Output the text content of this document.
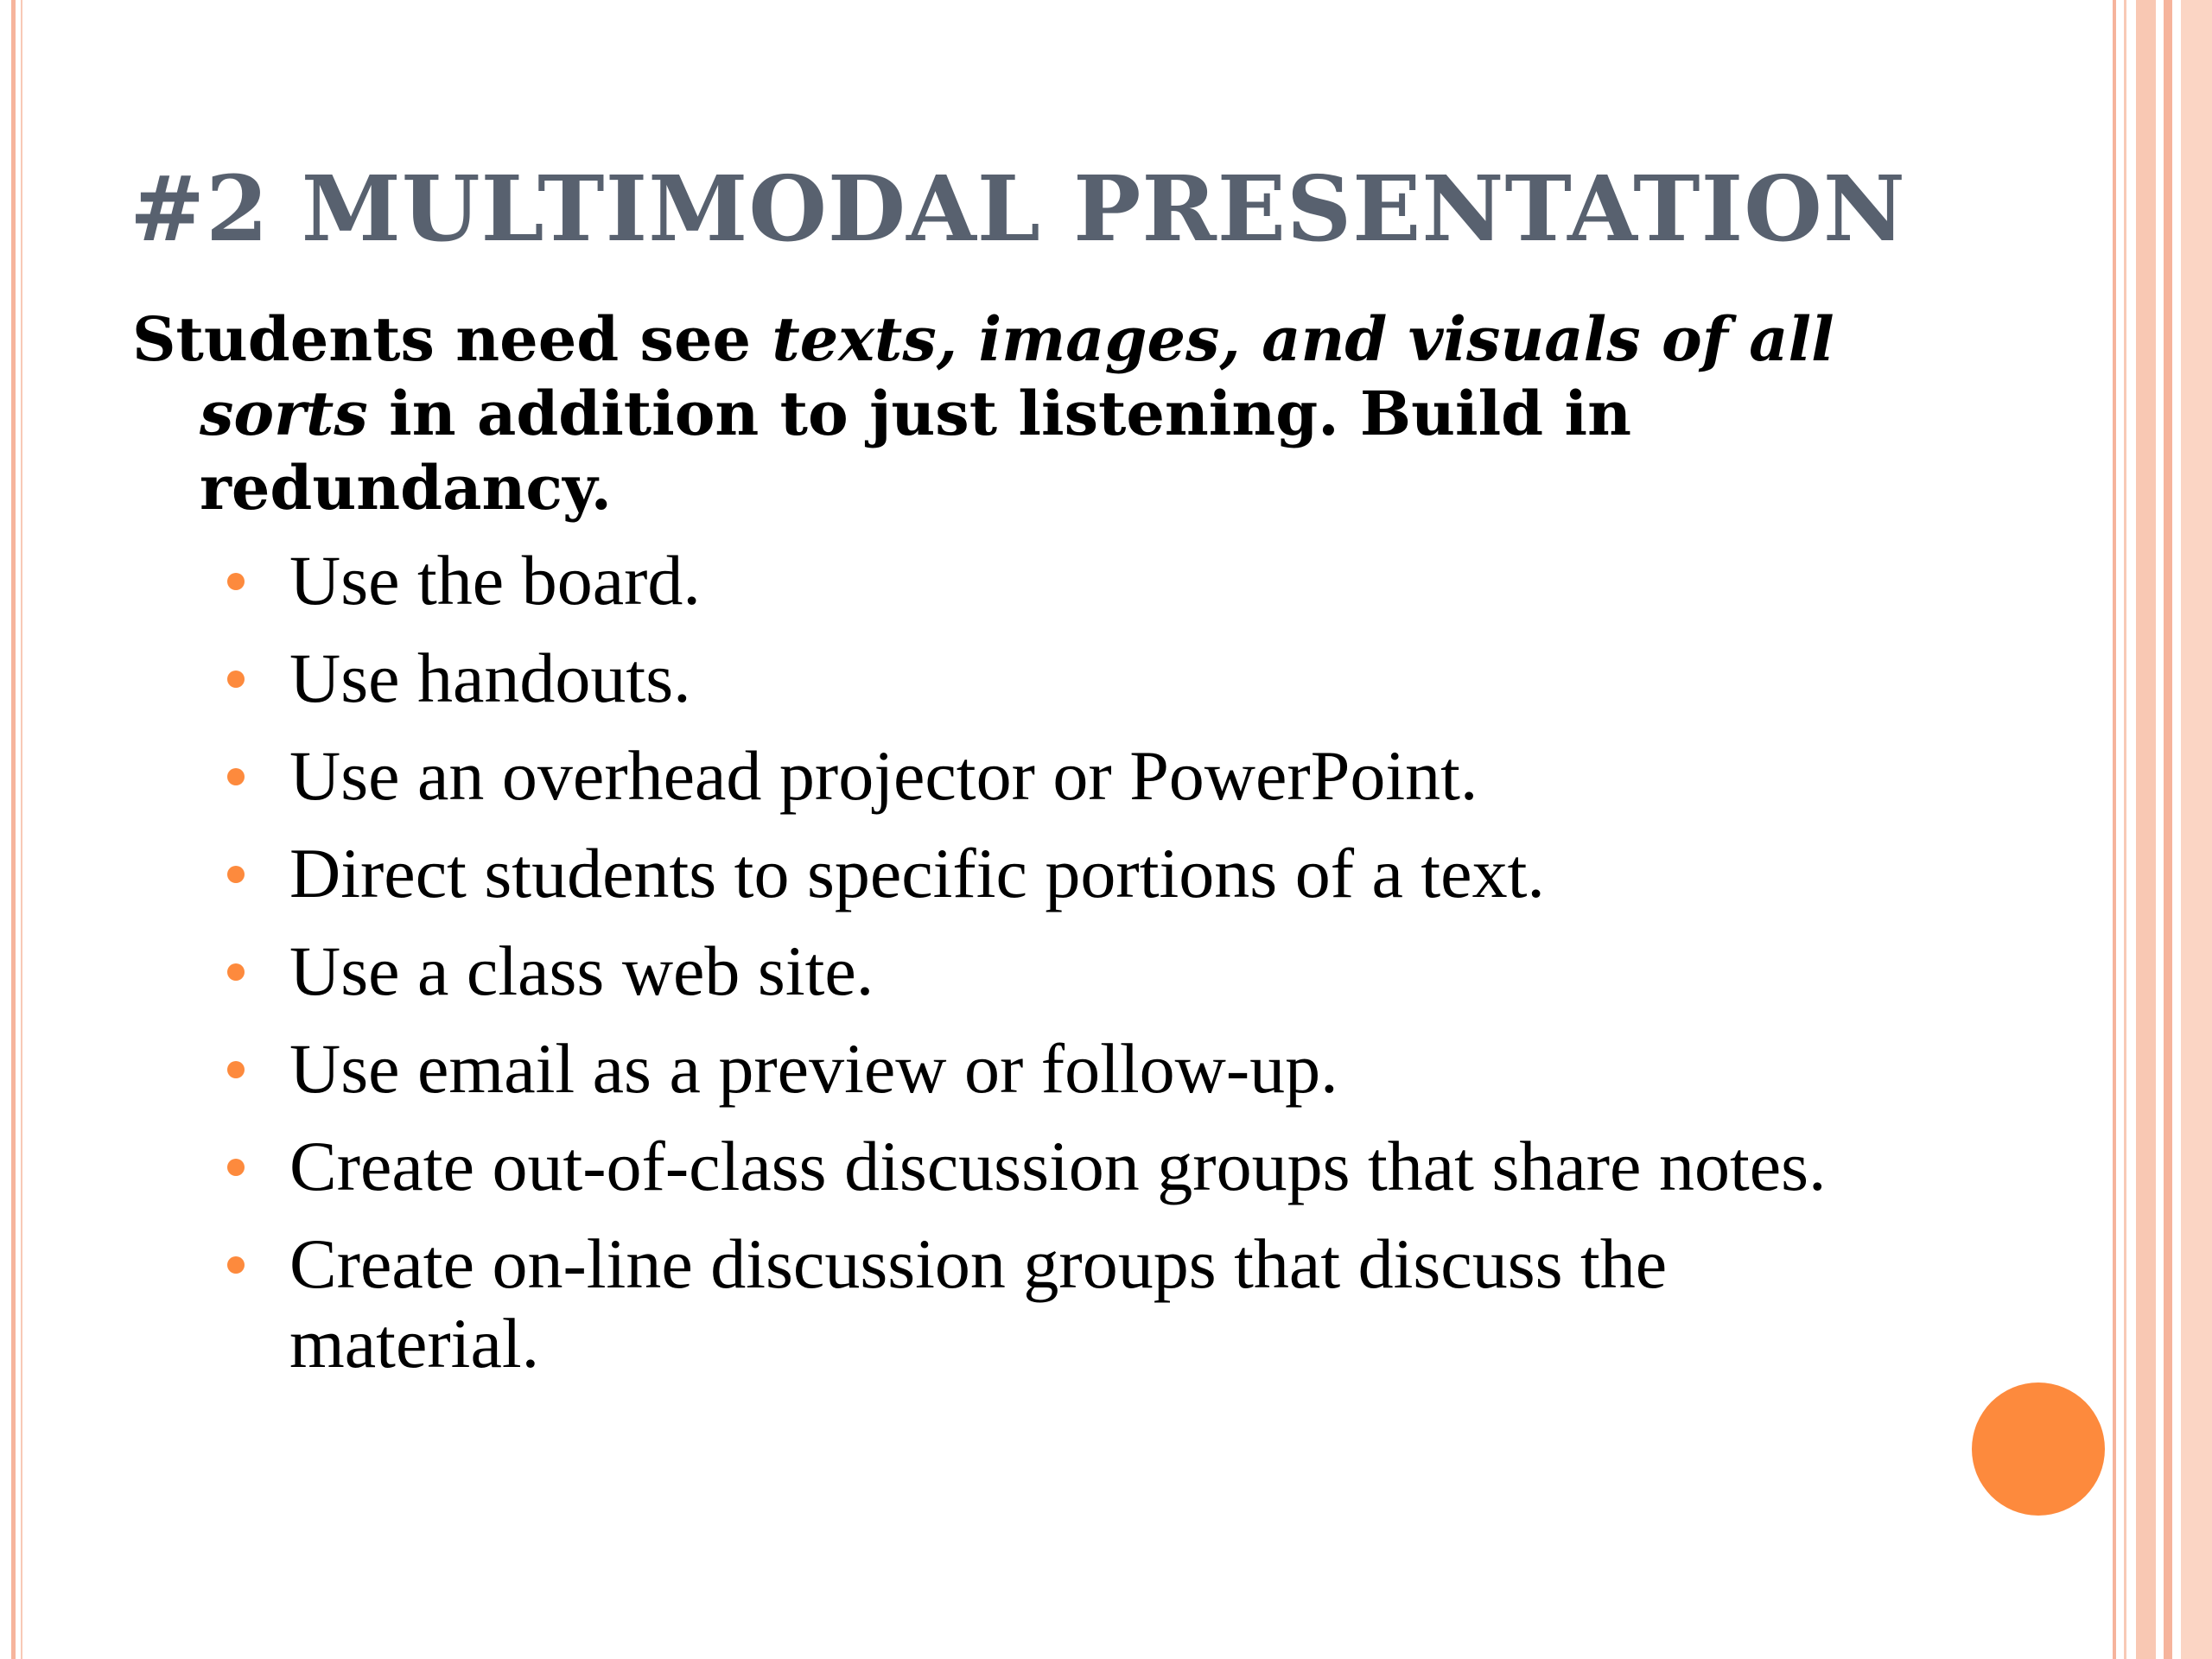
#2 MULTIMODAL PRESENTATION

Students need see texts, images, and visuals of all sorts in addition to just listening. Build in redundancy.

Use the board.
Use handouts.
Use an overhead projector or PowerPoint.
Direct students to specific portions of a text.
Use a class web site.
Use email as a preview or follow-up.
Create out-of-class discussion groups that share notes.
Create on-line discussion groups that discuss the material.
